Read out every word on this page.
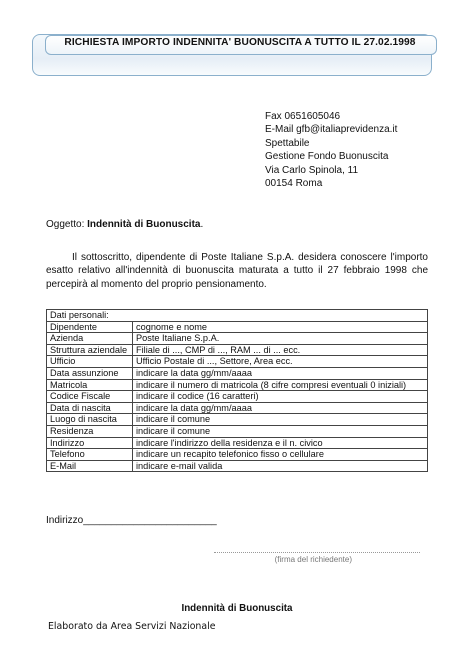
RICHIESTA IMPORTO INDENNITA' BUONUSCITA A TUTTO IL 27.02.1998
Fax 0651605046
E-Mail gfb@italiaprevidenza.it
Spettabile
Gestione Fondo Buonuscita
Via Carlo Spinola, 11
00154 Roma
Oggetto: Indennità di Buonuscita.
Il sottoscritto, dipendente di Poste Italiane S.p.A. desidera conoscere l'importo esatto relativo all'indennità di buonuscita maturata a tutto il 27 febbraio 1998 che percepirà al momento del proprio pensionamento.
Dati personali:	
Dipendente	cognome e nome
Azienda	Poste Italiane S.p.A.
Struttura aziendale	Filiale di ..., CMP di ..., RAM ... di ... ecc.
Ufficio	Ufficio Postale di ..., Settore, Area ecc.
Data assunzione	indicare la data gg/mm/aaaa
Matricola	indicare il numero di matricola (8 cifre compresi eventuali 0 iniziali)
Codice Fiscale	indicare il codice (16 caratteri)
Data di nascita	indicare la data gg/mm/aaaa
Luogo di nascita	indicare il comune
Residenza	indicare il comune
Indirizzo	indicare l'indirizzo della residenza e il n. civico
Telefono	indicare un recapito telefonico fisso o cellulare
E-Mail	indicare e-mail valida
Indirizzo________________________
(firma del richiedente)
Indennità di Buonuscita
Elaborato da Area Servizi Nazionale
